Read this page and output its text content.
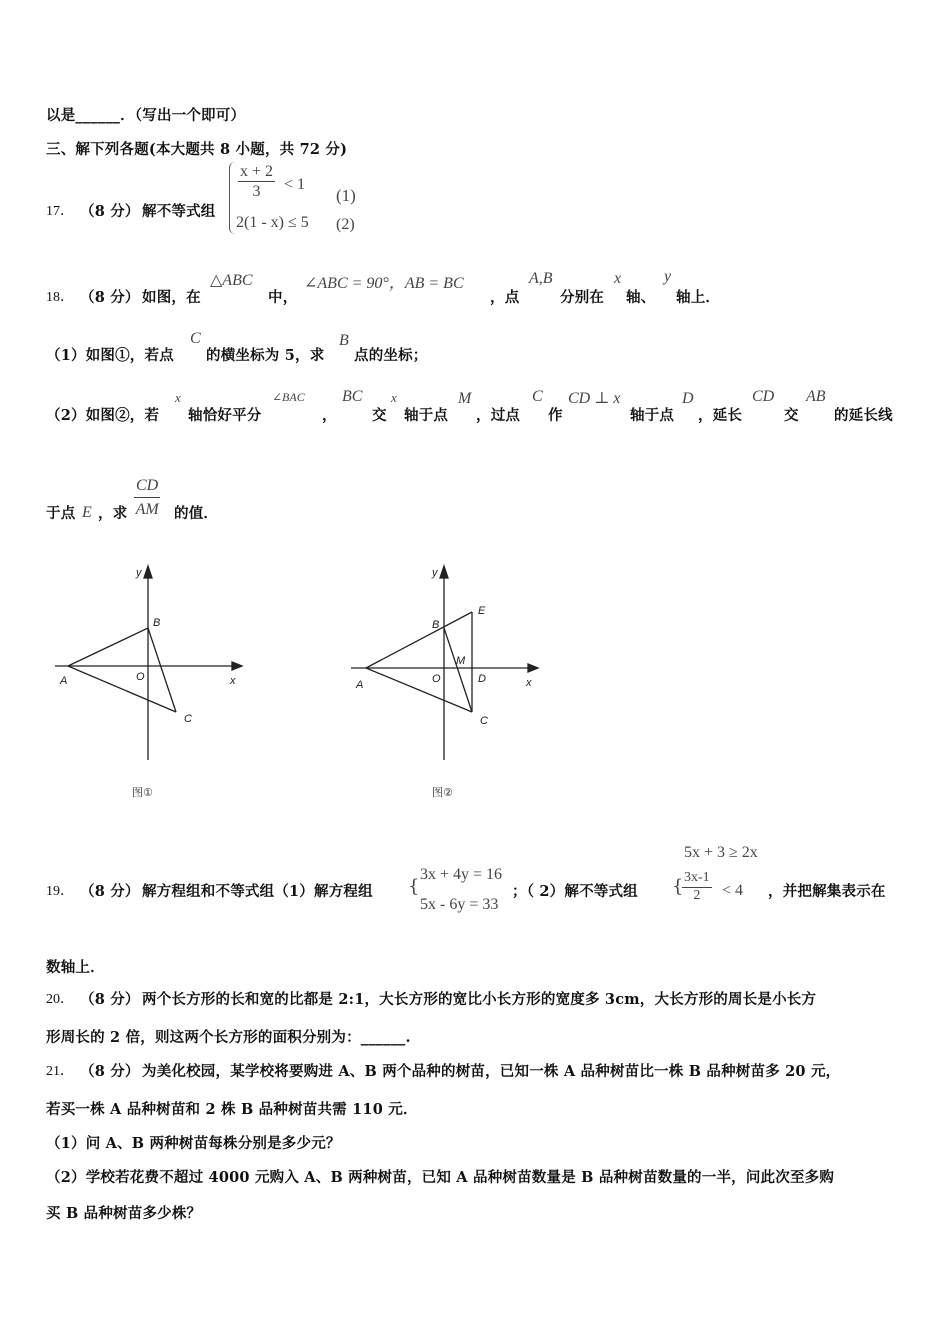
以是______．（写出一个即可）
三、解下列各题(本大题共 8 小题，共 72 分)
17． （8 分） 解不等式组
$\frac{x + 2}{3} < 1$
2(1 - x) ≤ 5
(1)
(2)
18． （8 分） 如图，在
△ABC
中，
∠ABC = 90°，AB = BC
，点
A,B
分别在
x
轴、
y
轴上．
（1）如图①，若点
C
的横坐标为 5，求
B
点的坐标；
（2）如图②，若
x
轴恰好平分
∠BAC
，
BC
交
x
轴于点
M
，过点
C
作
CD ⊥ x
轴于点
D
，延长
CD
交
AB
的延长线
于点 E ，求 $\frac{CD}{AM}$ 的值．
y
x
A
B
O
C
图①
y
x
A
B
O
E
M
D
C
图②
19． （8 分） 解方程组和不等式组（1）解方程组 {
3x + 4y = 16
5x - 6y = 33
；（ 2）解不等式组
5x + 3 ≥ 2x
{
$\frac{3x-1}{2} < 4$ ，并把解集表示在
数轴上．
20． （8 分） 两个长方形的长和宽的比都是 2:1，大长方形的宽比小长方形的宽度多 3cm，大长方形的周长是小长方
形周长的 2 倍，则这两个长方形的面积分别为：______.
21． （8 分） 为美化校园，某学校将要购进 A、B 两个品种的树苗，已知一株 A 品种树苗比一株 B 品种树苗多 20 元，
若买一株 A 品种树苗和 2 株 B 品种树苗共需 110 元．
（1）问 A、B 两种树苗每株分别是多少元？
（2）学校若花费不超过 4000 元购入 A、B 两种树苗，已知 A 品种树苗数量是 B 品种树苗数量的一半，问此次至多购
买 B 品种树苗多少株？
